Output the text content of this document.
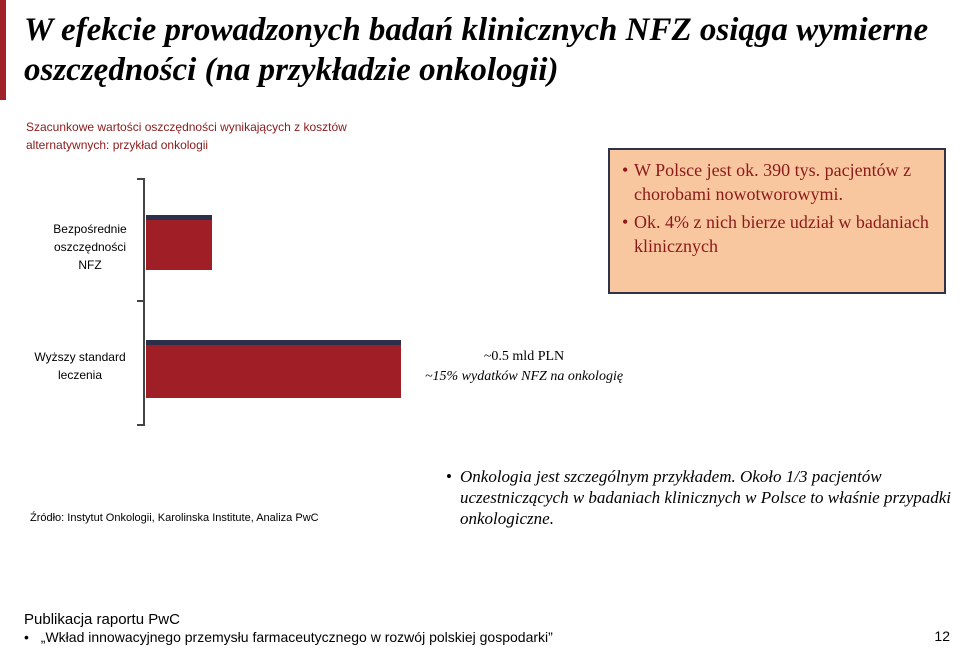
W efekcie prowadzonych badań klinicznych NFZ osiąga wymierne oszczędności (na przykładzie onkologii)
Szacunkowe wartości oszczędności wynikających z kosztów alternatywnych: przykład onkologii
Bezpośrednie
oszczędności
NFZ
Wyższy standard
leczenia
~0.5 mld PLN
~15% wydatków NFZ na onkologię
• W Polsce jest ok. 390 tys. pacjentów z chorobami nowotworowymi.
• Ok. 4% z nich bierze udział w badaniach klinicznych
Źródło: Instytut Onkologii, Karolinska Institute, Analiza PwC
• Onkologia jest szczególnym przykładem. Około 1/3 pacjentów uczestniczących w badaniach klinicznych w Polsce to właśnie przypadki onkologiczne.
Publikacja raportu PwC
• „Wkład innowacyjnego przemysłu farmaceutycznego w rozwój polskiej gospodarki”	12
